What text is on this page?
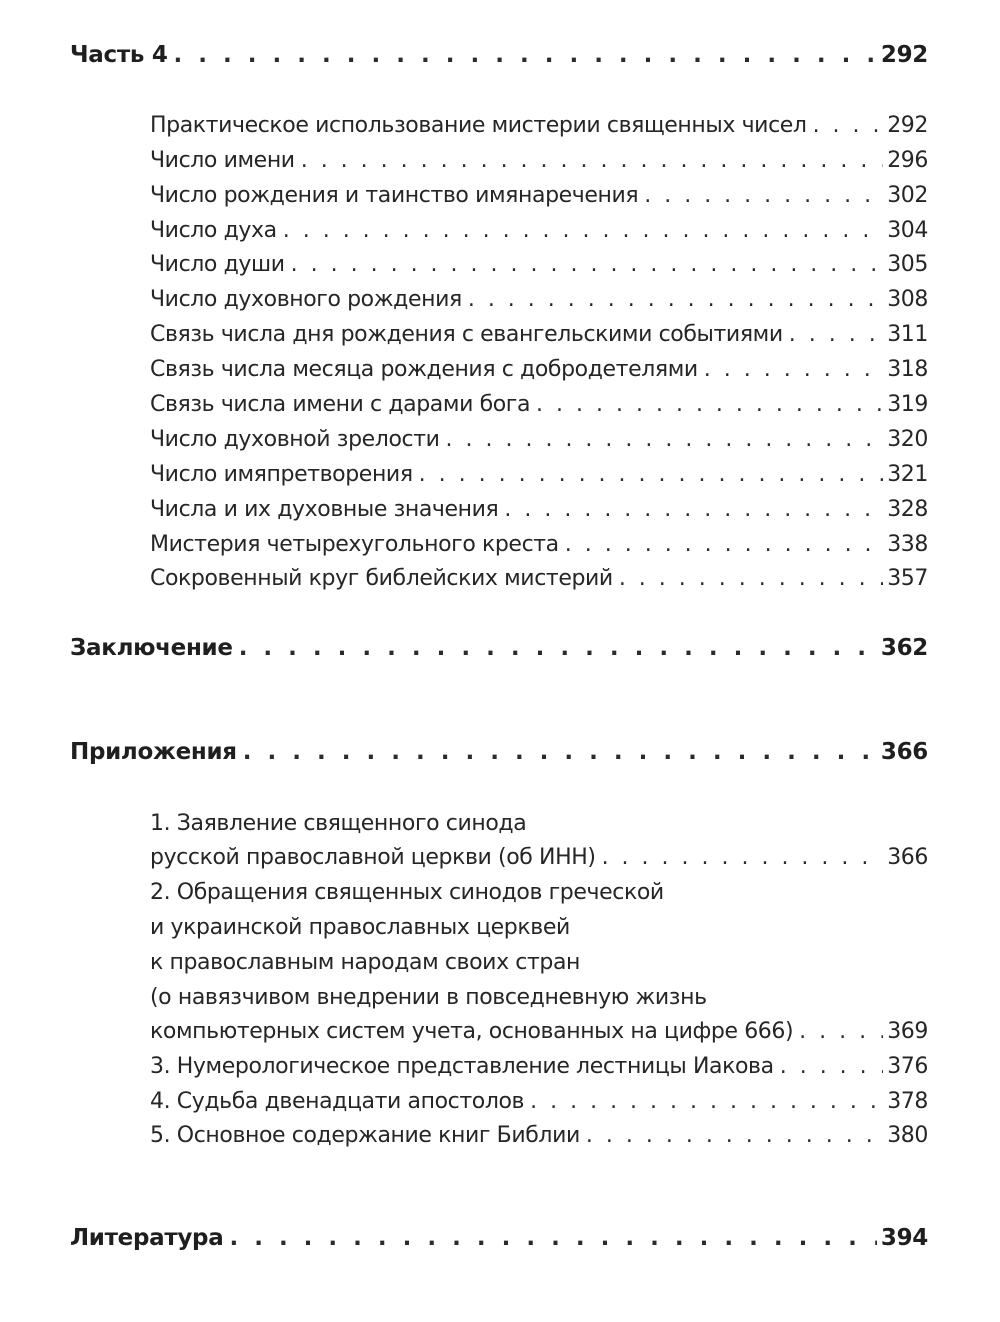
Часть 4 . . .	292
Практическое использование мистерии священных чисел . . .	292
Число имени . . .	296
Число рождения и таинство имянаречения . . .	302
Число духа . . .	304
Число души . . .	305
Число духовного рождения . . .	308
Связь числа дня рождения с евангельскими событиями . . .	311
Связь числа месяца рождения с добродетелями . . .	318
Связь числа имени с дарами бога . . .	319
Число духовной зрелости . . .	320
Число имяпретворения . . .	321
Числа и их духовные значения . . .	328
Мистерия четырехугольного креста . . .	338
Сокровенный круг библейских мистерий . . .	357
Заключение . . .	362
Приложения . . .	366
1. Заявление священного синода
русской православной церкви (об ИНН) . . .	366
2. Обращения священных синодов греческой
и украинской православных церквей
к православным народам своих стран
(о навязчивом внедрении в повседневную жизнь
компьютерных систем учета, основанных на цифре 666) . . .	369
3. Нумерологическое представление лестницы Иакова . . .	376
4. Судьба двенадцати апостолов . . .	378
5. Основное содержание книг Библии . . .	380
Литература . . .	394
